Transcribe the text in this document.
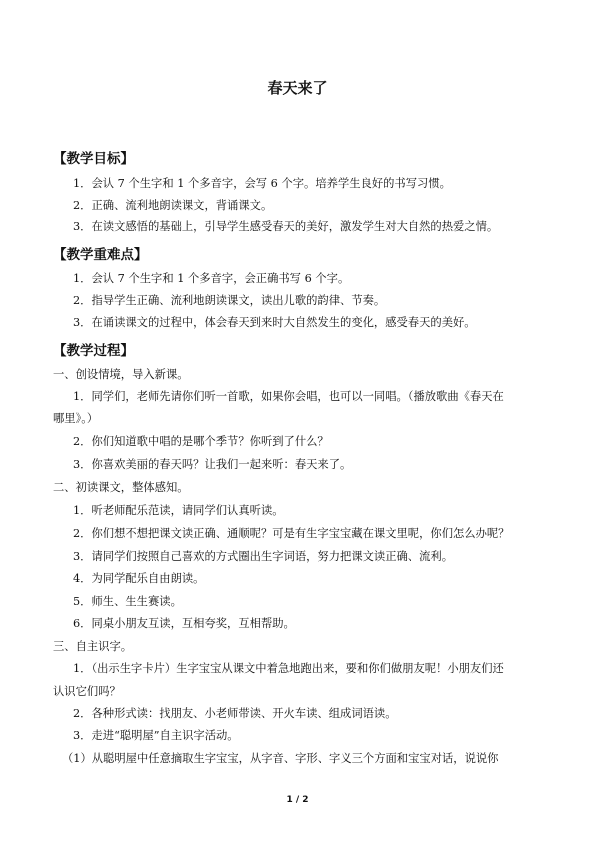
春天来了
【教学目标】
1．会认 7 个生字和 1 个多音字，会写 6 个字。培养学生良好的书写习惯。
2．正确、流利地朗读课文，背诵课文。
3．在读文感悟的基础上，引导学生感受春天的美好，激发学生对大自然的热爱之情。
【教学重难点】
1．会认 7 个生字和 1 个多音字，会正确书写 6 个字。
2．指导学生正确、流利地朗读课文，读出儿歌的韵律、节奏。
3．在诵读课文的过程中，体会春天到来时大自然发生的变化，感受春天的美好。
【教学过程】
一、创设情境，导入新课。
1．同学们，老师先请你们听一首歌，如果你会唱，也可以一同唱。（播放歌曲《春天在
哪里》。）
2．你们知道歌中唱的是哪个季节？你听到了什么？
3．你喜欢美丽的春天吗？让我们一起来听：春天来了。
二、初读课文，整体感知。
1．听老师配乐范读，请同学们认真听读。
2．你们想不想把课文读正确、通顺呢？可是有生字宝宝藏在课文里呢，你们怎么办呢？
3．请同学们按照自己喜欢的方式圈出生字词语，努力把课文读正确、流利。
4．为同学配乐自由朗读。
5．师生、生生赛读。
6．同桌小朋友互读，互相夸奖，互相帮助。
三、自主识字。
1．（出示生字卡片）生字宝宝从课文中着急地跑出来，要和你们做朋友呢！小朋友们还
认识它们吗？
2．各种形式读：找朋友、小老师带读、开火车读、组成词语读。
3．走进“聪明屋”自主识字活动。
（1）从聪明屋中任意摘取生字宝宝，从字音、字形、字义三个方面和宝宝对话，说说你
1 / 2
